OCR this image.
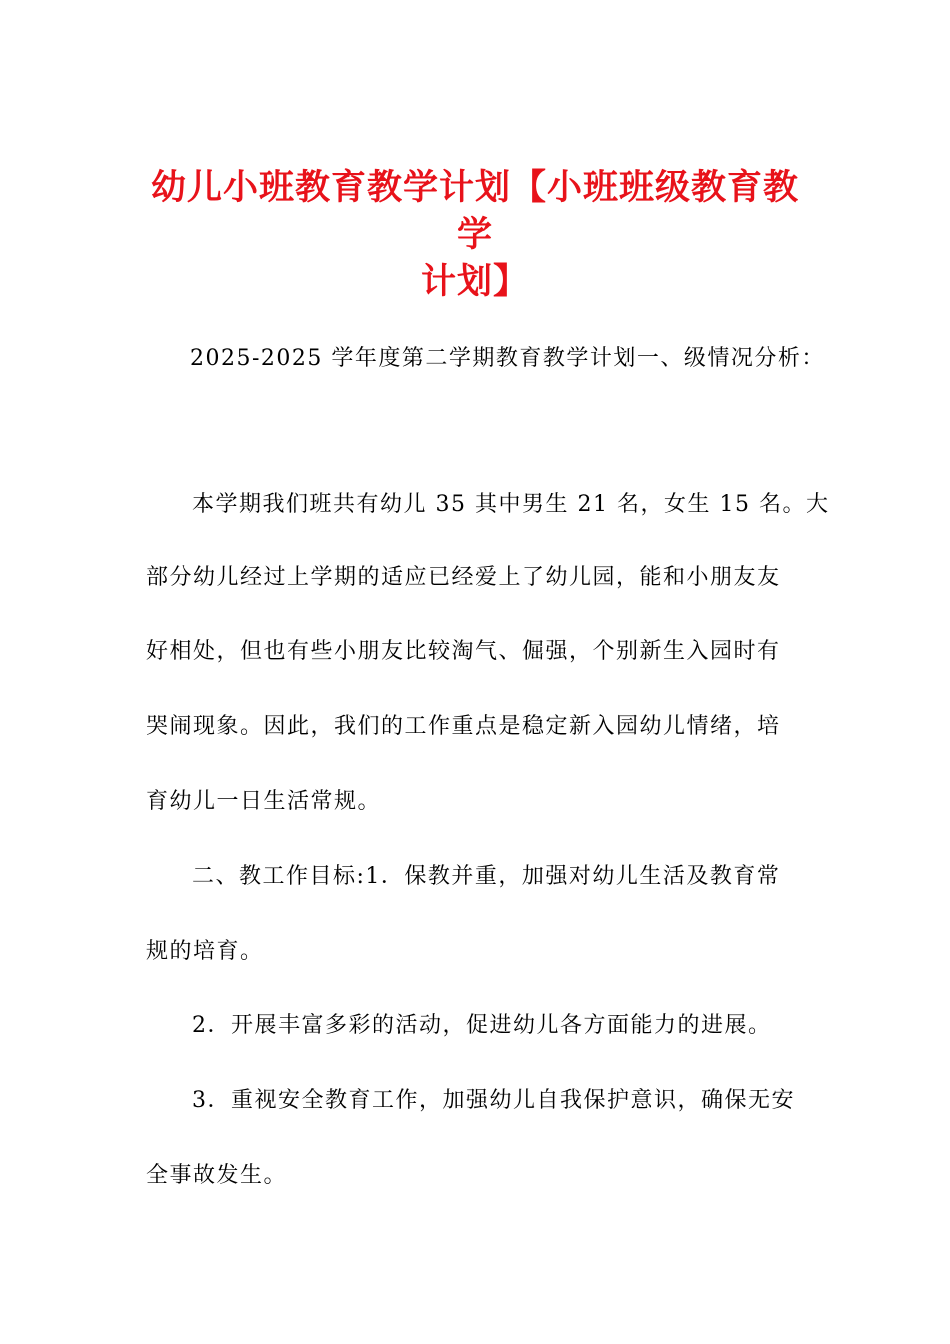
幼儿小班教育教学计划【小班班级教育教学
计划】
2025-2025 学年度第二学期教育教学计划一、级情况分析：
本学期我们班共有幼儿 35 其中男生 21 名，女生 15 名。大
部分幼儿经过上学期的适应已经爱上了幼儿园，能和小朋友友
好相处，但也有些小朋友比较淘气、倔强，个别新生入园时有
哭闹现象。因此，我们的工作重点是稳定新入园幼儿情绪，培
育幼儿一日生活常规。
二、教工作目标:1．保教并重，加强对幼儿生活及教育常
规的培育。
2．开展丰富多彩的活动，促进幼儿各方面能力的进展。
3．重视安全教育工作，加强幼儿自我保护意识，确保无安
全事故发生。
